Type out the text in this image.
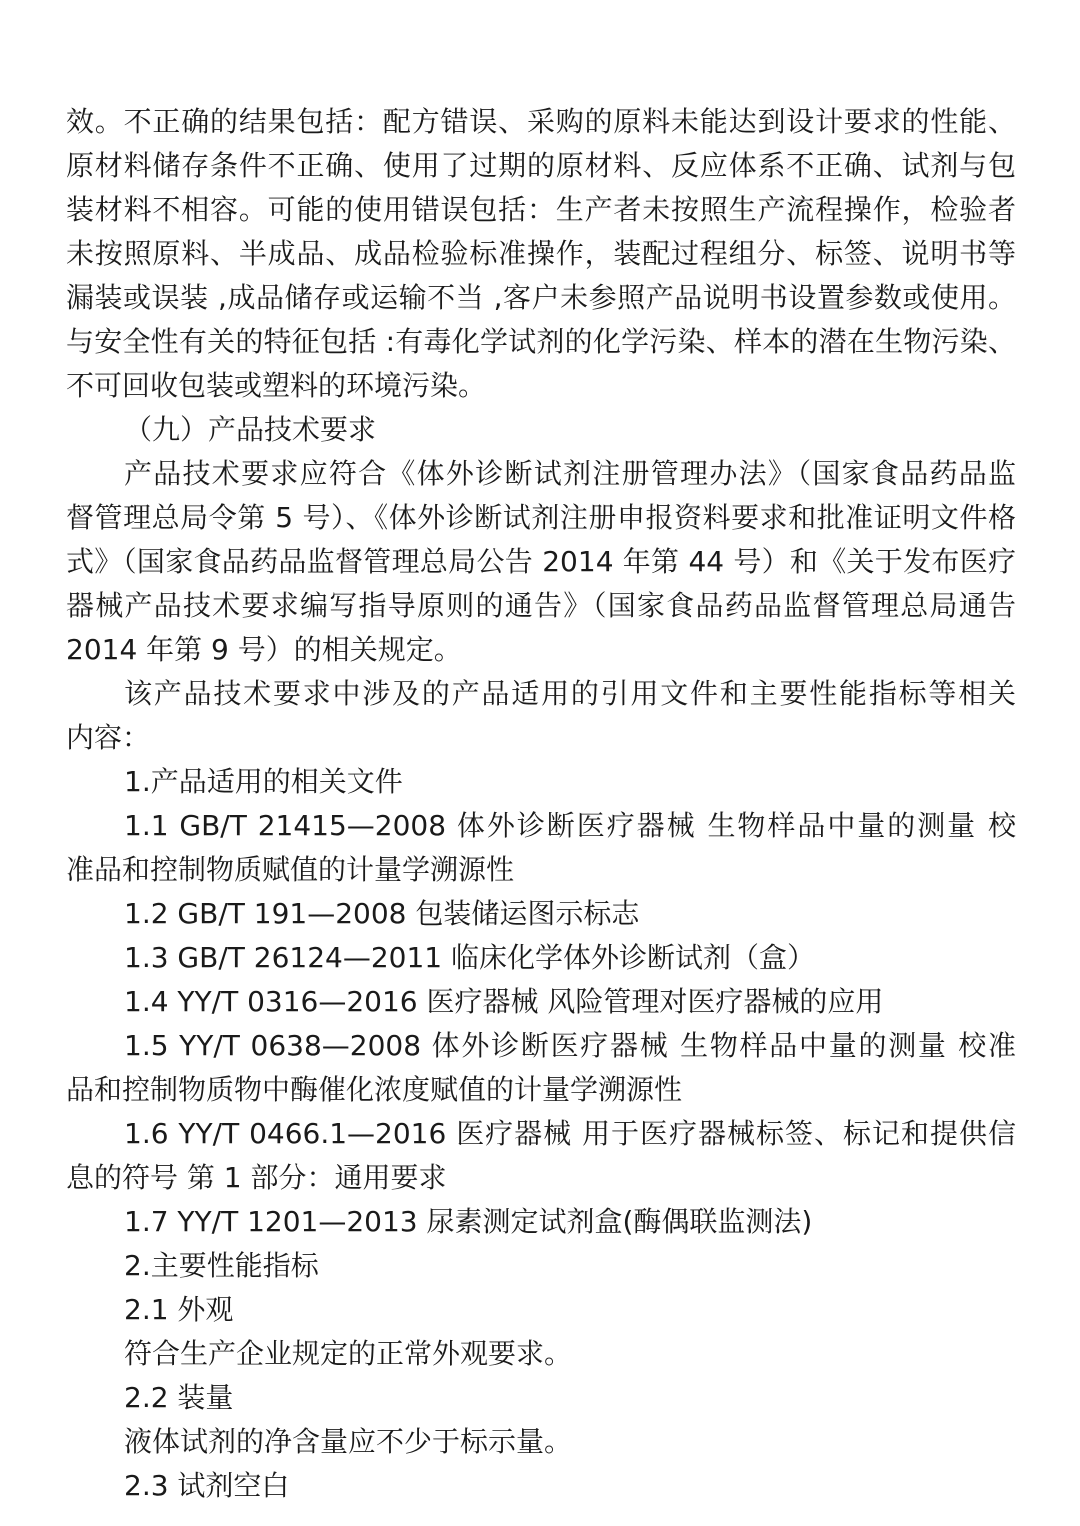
效。不正确的结果包括：配方错误、采购的原料未能达到设计要求的性能、
原材料储存条件不正确、使用了过期的原材料、反应体系不正确、试剂与包
装材料不相容。可能的使用错误包括：生产者未按照生产流程操作，检验者
未按照原料、半成品、成品检验标准操作，装配过程组分、标签、说明书等
漏装或误装 ,成品储存或运输不当 ,客户未参照产品说明书设置参数或使用。
与安全性有关的特征包括 :有毒化学试剂的化学污染、样本的潜在生物污染、
不可回收包装或塑料的环境污染。
（九）产品技术要求
产品技术要求应符合《体外诊断试剂注册管理办法》（国家食品药品监
督管理总局令第 5 号）、《体外诊断试剂注册申报资料要求和批准证明文件格
式》（国家食品药品监督管理总局公告 2014 年第 44 号）和《关于发布医疗
器械产品技术要求编写指导原则的通告》（国家食品药品监督管理总局通告
2014 年第 9 号）的相关规定。
该产品技术要求中涉及的产品适用的引用文件和主要性能指标等相关
内容：
1.产品适用的相关文件
1.1 GB/T 21415—2008 体外诊断医疗器械 生物样品中量的测量 校
准品和控制物质赋值的计量学溯源性
1.2 GB/T 191—2008 包装储运图示标志
1.3 GB/T 26124—2011 临床化学体外诊断试剂（盒）
1.4 YY/T 0316—2016 医疗器械 风险管理对医疗器械的应用
1.5 YY/T 0638—2008 体外诊断医疗器械 生物样品中量的测量 校准
品和控制物质物中酶催化浓度赋值的计量学溯源性
1.6 YY/T 0466.1—2016 医疗器械 用于医疗器械标签、标记和提供信
息的符号 第 1 部分：通用要求
1.7 YY/T 1201—2013 尿素测定试剂盒(酶偶联监测法)
2.主要性能指标
2.1 外观
符合生产企业规定的正常外观要求。
2.2 装量
液体试剂的净含量应不少于标示量。
2.3 试剂空白
